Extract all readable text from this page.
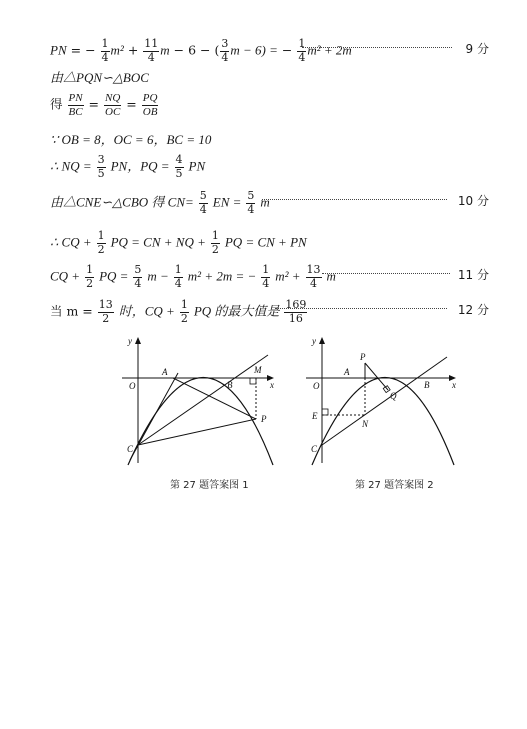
PN = − $\frac{1}{4} m^2 + \frac{11}{4}$ m − 6 − ( $\frac{3}{4}$ m − 6) = − $\frac{1}{4} m^2 + 2m$	9 分
由△PQN∽△BOC
得 $\frac{PN}{BC} = \frac{NQ}{OC} = \frac{PQ}{OB}$
∵ OB = 8，OC = 6，BC = 10
∴ NQ = $\frac{3}{5}$ PN，PQ = $\frac{4}{5}$ PN
由△CNE∽△CBO 得 $CN= \frac{5}{4}$ EN = $\frac{5}{4}$ m	10 分
∴ CQ + $\frac{1}{2}$ PQ = CN + NQ + $\frac{1}{2}$ PQ = CN + PN
CQ + $\frac{1}{2}$ PQ = $\frac{5}{4}$ $m - \frac{1}{4} m^2 + 2m$ = − $\frac{1}{4} m^2 + \frac{13}{4}$ m	11 分
当 $m = \frac{13}{2}$ 时，CQ + $\frac{1}{2}$ PQ 的最大值是 $\frac{169}{16}$	12 分
y
x
O
A
B
M
C
P
第 27 题答案图 1
y
x
O
A
B
P
Q
N
E
C
第 27 题答案图 2
